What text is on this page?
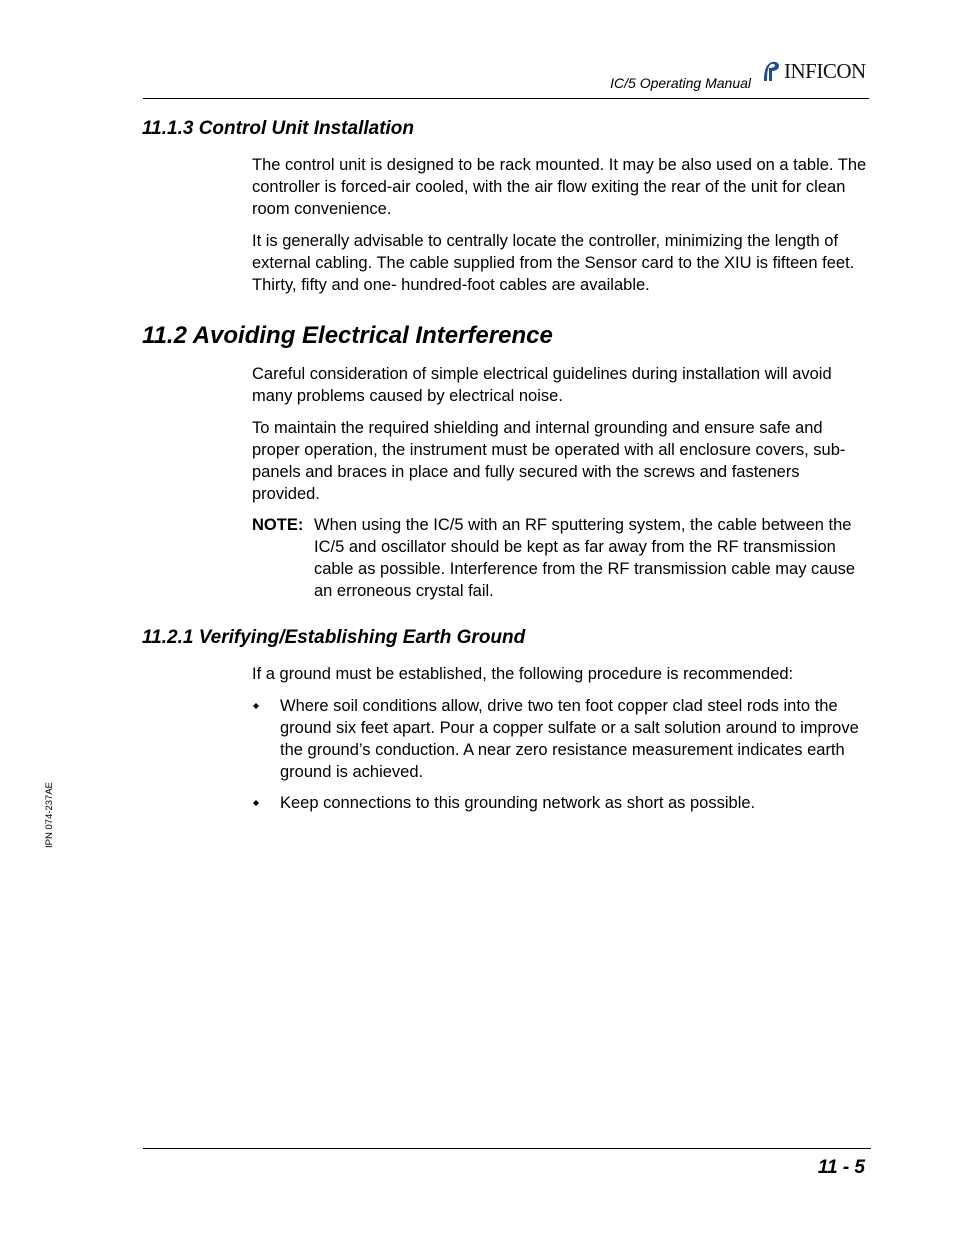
IC/5 Operating Manual
INFICON
11.1.3 Control Unit Installation

The control unit is designed to be rack mounted. It may be also used on a table. The controller is forced-air cooled, with the air flow exiting the rear of the unit for clean room convenience.

It is generally advisable to centrally locate the controller, minimizing the length of external cabling. The cable supplied from the Sensor card to the XIU is fifteen feet. Thirty, fifty and one- hundred-foot cables are available.

11.2 Avoiding Electrical Interference

Careful consideration of simple electrical guidelines during installation will avoid many problems caused by electrical noise.

To maintain the required shielding and internal grounding and ensure safe and proper operation, the instrument must be operated with all enclosure covers, sub-panels and braces in place and fully secured with the screws and fasteners provided.

NOTE: When using the IC/5 with an RF sputtering system, the cable between the IC/5 and oscillator should be kept as far away from the RF transmission cable as possible. Interference from the RF transmission cable may cause an erroneous crystal fail.
11.2.1 Verifying/Establishing Earth Ground

If a ground must be established, the following procedure is recommended:

Where soil conditions allow, drive two ten foot copper clad steel rods into the ground six feet apart. Pour a copper sulfate or a salt solution around to improve the ground’s conduction. A near zero resistance measurement indicates earth ground is achieved.
Keep connections to this grounding network as short as possible.
IPN 074-237AE
11 - 5
